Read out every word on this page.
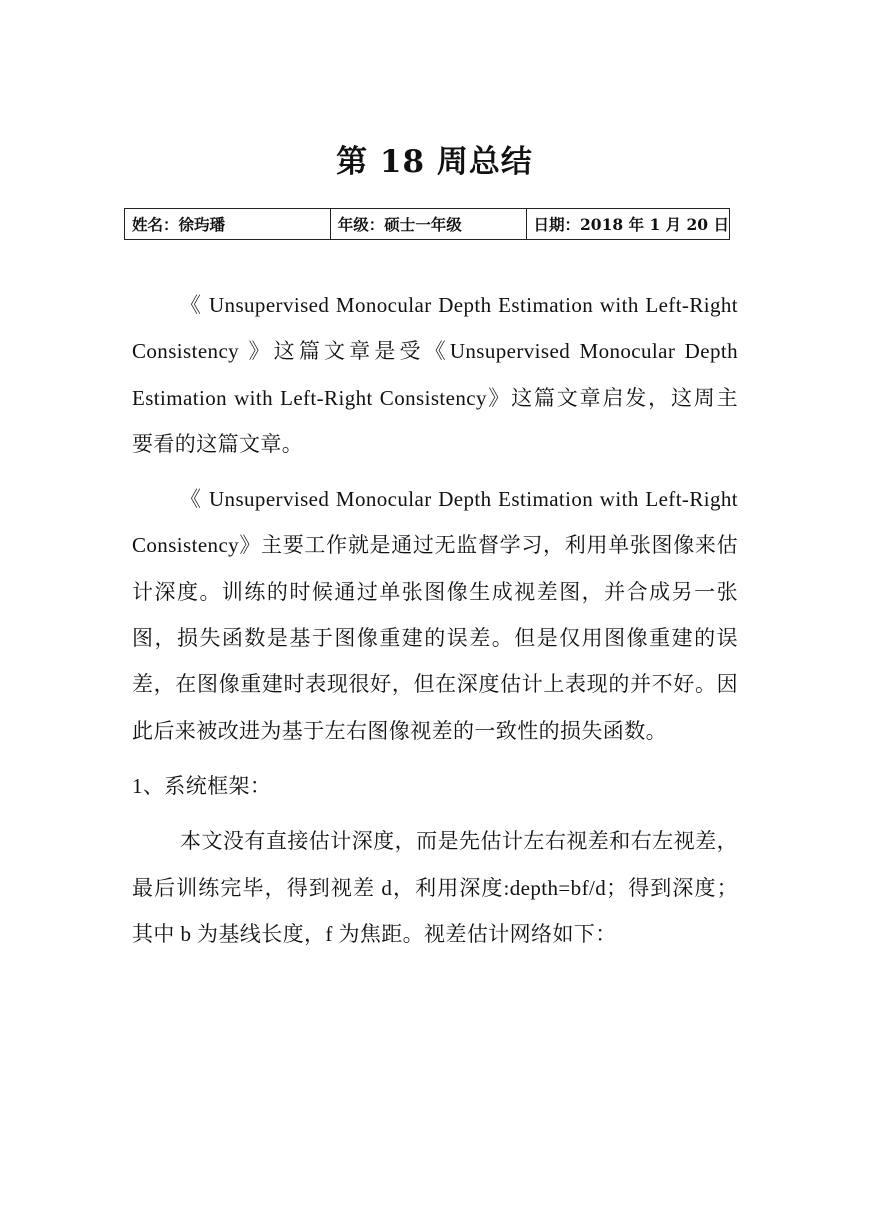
第 18 周总结
姓名：徐玙璠	年级：硕士一年级	日期：2018 年 1 月 20 日

《 Unsupervised Monocular Depth Estimation with Left-Right Consistency 》这篇文章是受《Unsupervised Monocular Depth Estimation with Left-Right Consistency》这篇文章启发，这周主要看的这篇文章。

《 Unsupervised Monocular Depth Estimation with Left-Right Consistency》主要工作就是通过无监督学习，利用单张图像来估计深度。训练的时候通过单张图像生成视差图，并合成另一张图，损失函数是基于图像重建的误差。但是仅用图像重建的误差，在图像重建时表现很好，但在深度估计上表现的并不好。因此后来被改进为基于左右图像视差的一致性的损失函数。

1、系统框架：

本文没有直接估计深度，而是先估计左右视差和右左视差，最后训练完毕，得到视差 d，利用深度:depth=bf/d；得到深度；其中 b 为基线长度，f 为焦距。视差估计网络如下：
